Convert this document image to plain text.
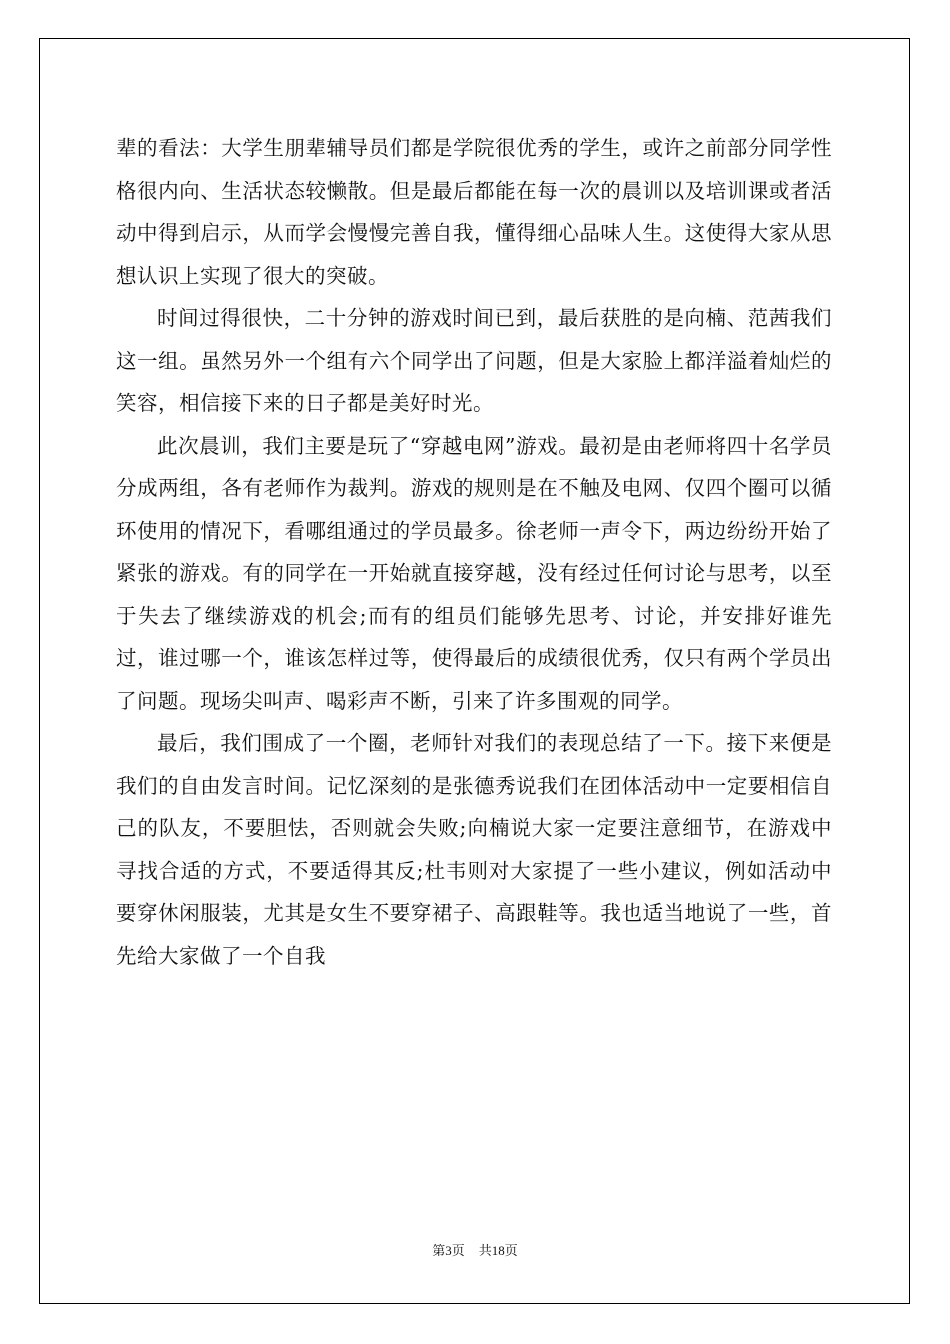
辈的看法：大学生朋辈辅导员们都是学院很优秀的学生，或许之前部分同学性格很内向、生活状态较懒散。但是最后都能在每一次的晨训以及培训课或者活动中得到启示，从而学会慢慢完善自我，懂得细心品味人生。这使得大家从思想认识上实现了很大的突破。

时间过得很快，二十分钟的游戏时间已到，最后获胜的是向楠、范茜我们这一组。虽然另外一个组有六个同学出了问题，但是大家脸上都洋溢着灿烂的笑容，相信接下来的日子都是美好时光。

此次晨训，我们主要是玩了“穿越电网”游戏。最初是由老师将四十名学员分成两组，各有老师作为裁判。游戏的规则是在不触及电网、仅四个圈可以循环使用的情况下，看哪组通过的学员最多。徐老师一声令下，两边纷纷开始了紧张的游戏。有的同学在一开始就直接穿越，没有经过任何讨论与思考，以至于失去了继续游戏的机会;而有的组员们能够先思考、讨论，并安排好谁先过，谁过哪一个，谁该怎样过等，使得最后的成绩很优秀，仅只有两个学员出了问题。现场尖叫声、喝彩声不断，引来了许多围观的同学。

最后，我们围成了一个圈，老师针对我们的表现总结了一下。接下来便是我们的自由发言时间。记忆深刻的是张德秀说我们在团体活动中一定要相信自己的队友，不要胆怯，否则就会失败;向楠说大家一定要注意细节，在游戏中寻找合适的方式，不要适得其反;杜韦则对大家提了一些小建议，例如活动中要穿休闲服装，尤其是女生不要穿裙子、高跟鞋等。我也适当地说了一些，首先给大家做了一个自我

第3页 共18页
